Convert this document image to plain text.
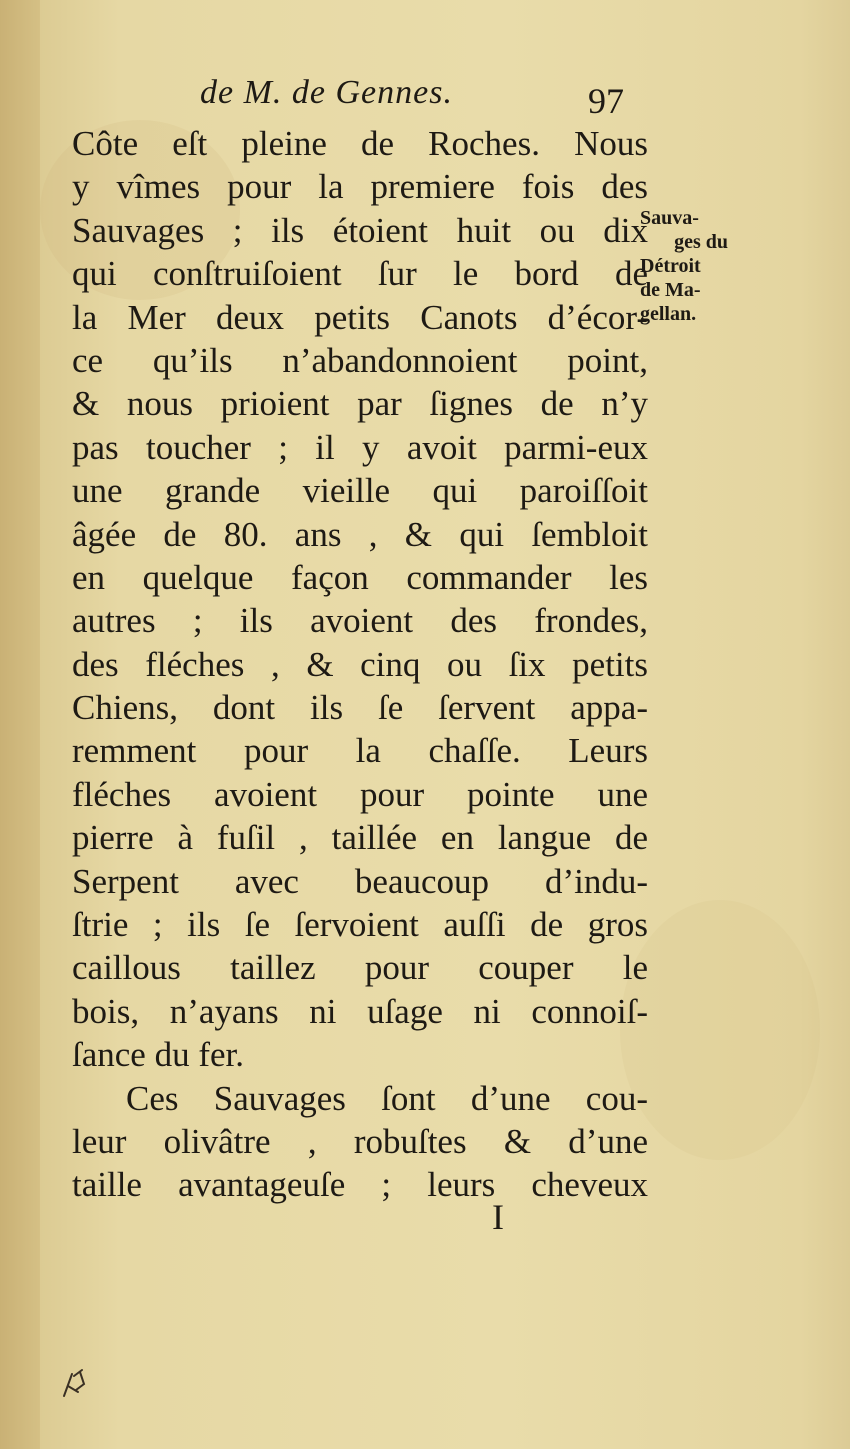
de M. de Gennes.	97
Côte eſt pleine de Roches. Nous
y vîmes pour la premiere fois des
Sauvages ; ils étoient huit ou dix
qui conſtruiſoient ſur le bord de
la Mer deux petits Canots d’écor-
ce qu’ils n’abandonnoient point,
& nous prioient par ſignes de n’y
pas toucher ; il y avoit parmi-eux
une grande vieille qui paroiſſoit
âgée de 80. ans , & qui ſembloit
en quelque façon commander les
autres ; ils avoient des frondes,
des fléches , & cinq ou ſix petits
Chiens, dont ils ſe ſervent appa-
remment pour la chaſſe. Leurs
fléches avoient pour pointe une
pierre à fuſil , taillée en langue de
Serpent avec beaucoup d’indu-
ſtrie ; ils ſe ſervoient auſſi de gros
caillous taillez pour couper le
bois, n’ayans ni uſage ni connoiſ-
ſance du fer.
Ces Sauvages ſont d’une cou-
leur olivâtre , robuſtes & d’une
taille avantageuſe ; leurs cheveux
Sauva-
ges du
Détroit
de Ma-
gellan.
I
